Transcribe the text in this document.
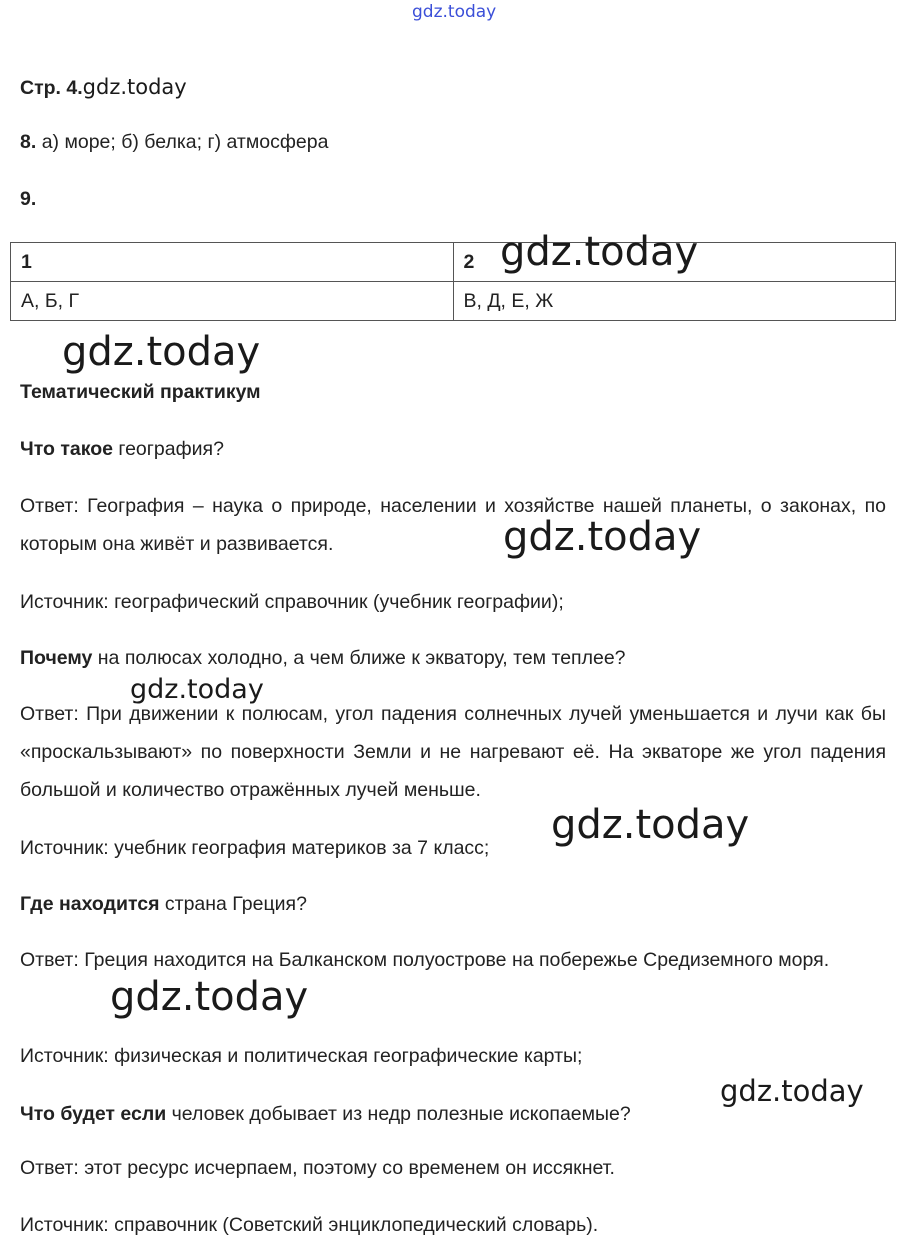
gdz.today
Стр. 4.gdz.today
8. а) море; б) белка; г) атмосфера
9.
1	2
А, Б, Г	В, Д, Е, Ж
gdz.today
gdz.today
Тематический практикум
Что такое география?
Ответ: География – наука о природе, населении и хозяйстве нашей планеты, о законах, по которым она живёт и развивается.	gdz.today
Источник: географический справочник (учебник географии);
Почему на полюсах холодно, а чем ближе к экватору, тем теплее?
gdz.today
Ответ: При движении к полюсам, угол падения солнечных лучей уменьшается и лучи как бы «проскальзывают» по поверхности Земли и не нагревают её. На экваторе же угол падения большой и количество отражённых лучей меньше.
gdz.today
Источник: учебник география материков за 7 класс;
Где находится страна Греция?
Ответ: Греция находится на Балканском полуострове на побережье Средиземного моря.
gdz.today
Источник: физическая и политическая географические карты;
gdz.today
Что будет если человек добывает из недр полезные ископаемые?
Ответ: этот ресурс исчерпаем, поэтому со временем он иссякнет.
Источник: справочник (Советский энциклопедический словарь).
